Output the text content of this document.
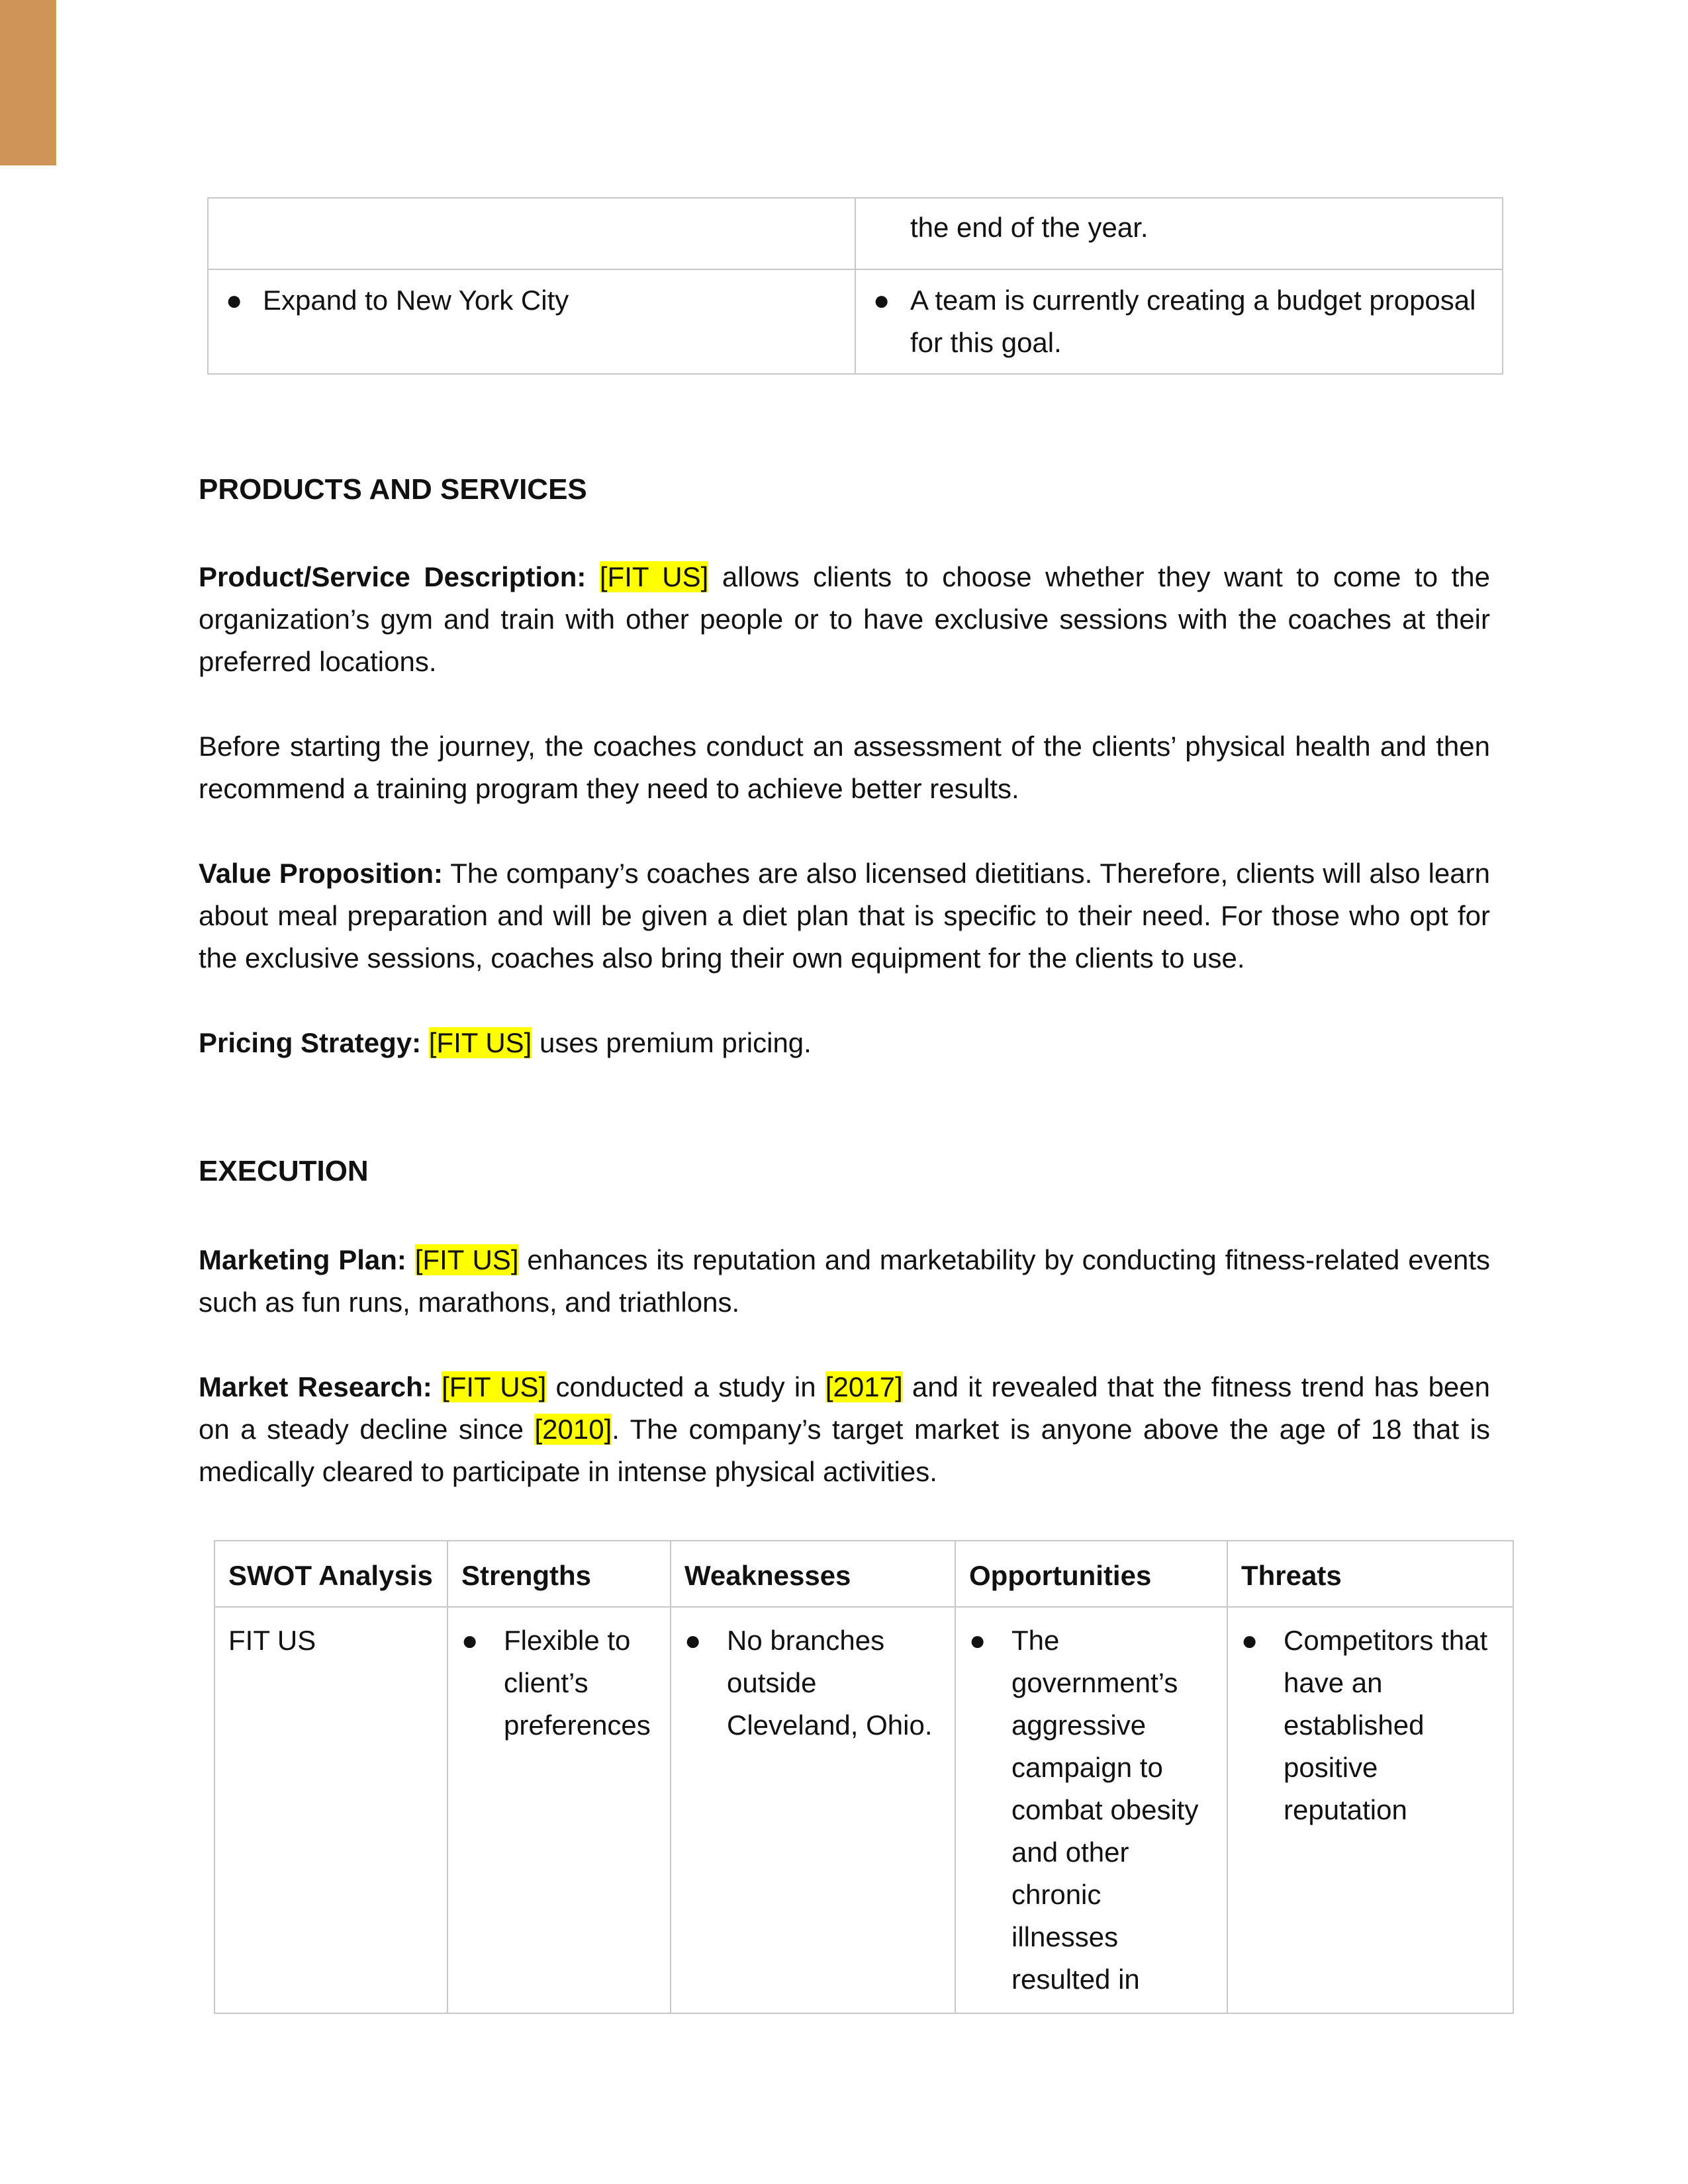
	the end of the year.

● Expand to New York City	● A team is currently creating a budget proposal for this goal.
PRODUCTS AND SERVICES
Product/Service Description: [FIT US] allows clients to choose whether they want to come to the organization’s gym and train with other people or to have exclusive sessions with the coaches at their preferred locations.
Before starting the journey, the coaches conduct an assessment of the clients’ physical health and then recommend a training program they need to achieve better results.
Value Proposition: The company’s coaches are also licensed dietitians. Therefore, clients will also learn about meal preparation and will be given a diet plan that is specific to their need. For those who opt for the exclusive sessions, coaches also bring their own equipment for the clients to use.
Pricing Strategy: [FIT US] uses premium pricing.
EXECUTION
Marketing Plan: [FIT US] enhances its reputation and marketability by conducting fitness-related events such as fun runs, marathons, and triathlons.
Market Research: [FIT US] conducted a study in [2017] and it revealed that the fitness trend has been on a steady decline since [2010]. The company’s target market is anyone above the age of 18 that is medically cleared to participate in intense physical activities.
SWOT Analysis	Strengths	Weaknesses	Opportunities	Threats
FIT US	● Flexible to client’s preferences	● No branches outside Cleveland, Ohio.	● The government’s aggressive campaign to combat obesity and other chronic illnesses resulted in	● Competitors that have an established positive reputation
